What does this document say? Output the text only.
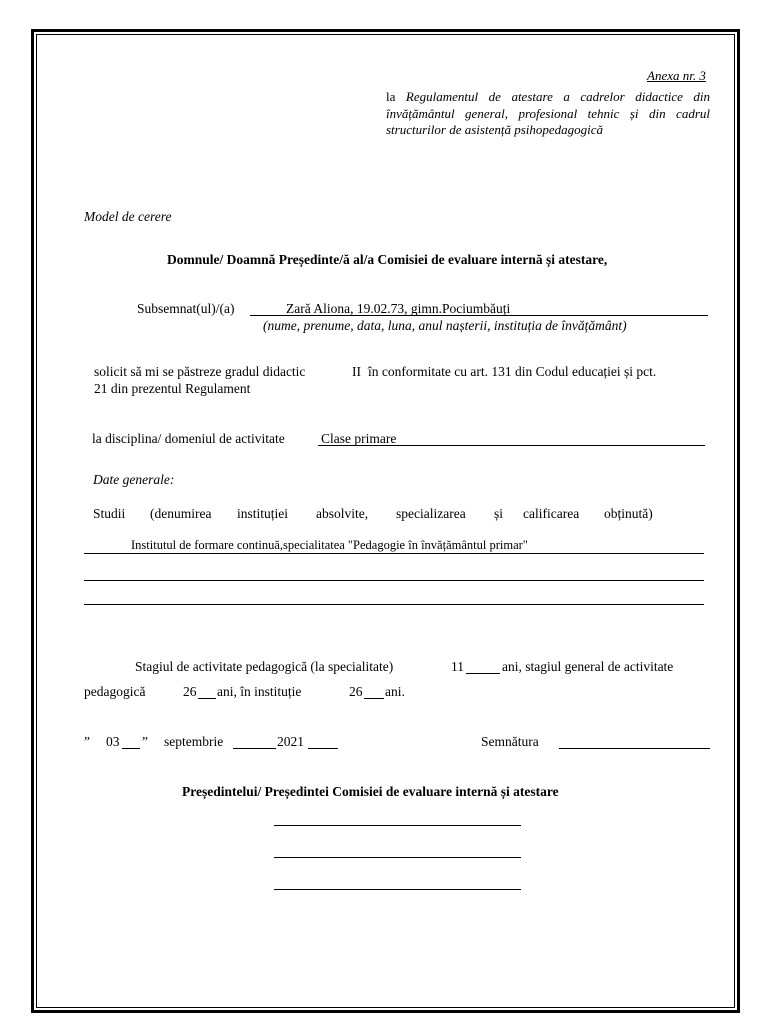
Anexa nr. 3
la Regulamentul de atestare a cadrelor didactice din învățământul general, profesional tehnic și din cadrul structurilor de asistență psihopedagogică
Model de cerere
Domnule/ Doamnă Președinte/ă al/a Comisiei de evaluare internă și atestare,
Subsemnat(ul)/(a)	Zară Aliona, 19.02.73, gimn.Pociumbăuți
(nume, prenume, data, luna, anul nașterii, instituția de învățământ)
solicit să mi se păstreze gradul didactic	II în conformitate cu art. 131 din Codul educației și pct.
21 din prezentul Regulament
la disciplina/ domeniul de activitate	Clase primare
Date generale:
Studii (denumirea instituției absolvite, specializarea și calificarea obținută)
Institutul de formare continuă,specialitatea "Pedagogie în învățământul primar"
Stagiul de activitate pedagogică (la specialitate)	11	ani, stagiul general de activitate
pedagogică	26 ani, în instituție	26 ani.
” 03 ” septembrie	2021	Semnătura
Președintelui/ Președintei Comisiei de evaluare internă și atestare
